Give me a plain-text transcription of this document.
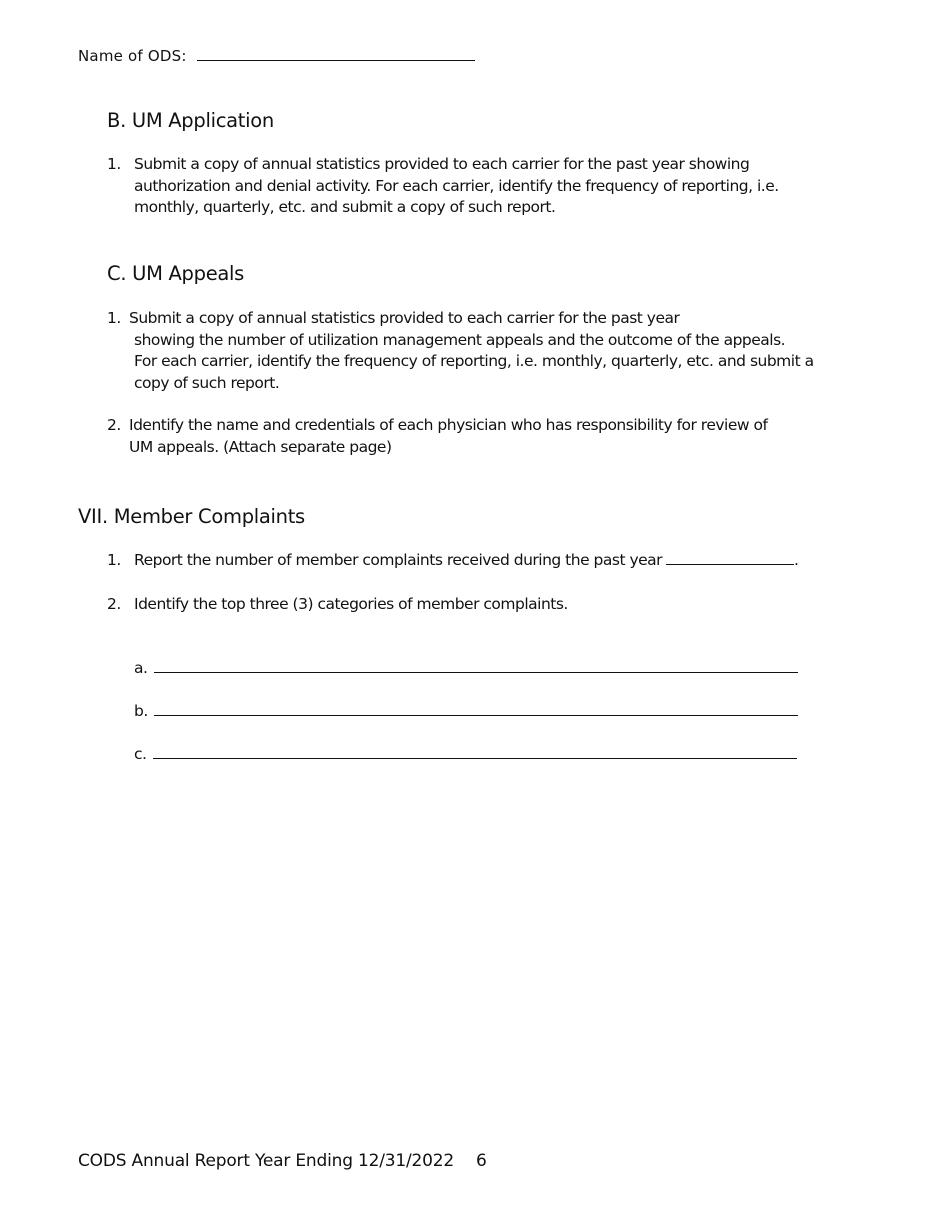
Name of ODS:
B. UM Application
1. Submit a copy of annual statistics provided to each carrier for the past year showing
authorization and denial activity. For each carrier, identify the frequency of reporting, i.e.
monthly, quarterly, etc. and submit a copy of such report.
C. UM Appeals
1. Submit a copy of annual statistics provided to each carrier for the past year
showing the number of utilization management appeals and the outcome of the appeals.
For each carrier, identify the frequency of reporting, i.e. monthly, quarterly, etc. and submit a
copy of such report.
2. Identify the name and credentials of each physician who has responsibility for review of
UM appeals. (Attach separate page)
VII. Member Complaints
1. Report the number of member complaints received during the past year	.
2. Identify the top three (3) categories of member complaints.
a.
b.
c.
CODS Annual Report Year Ending 12/31/2022 6
